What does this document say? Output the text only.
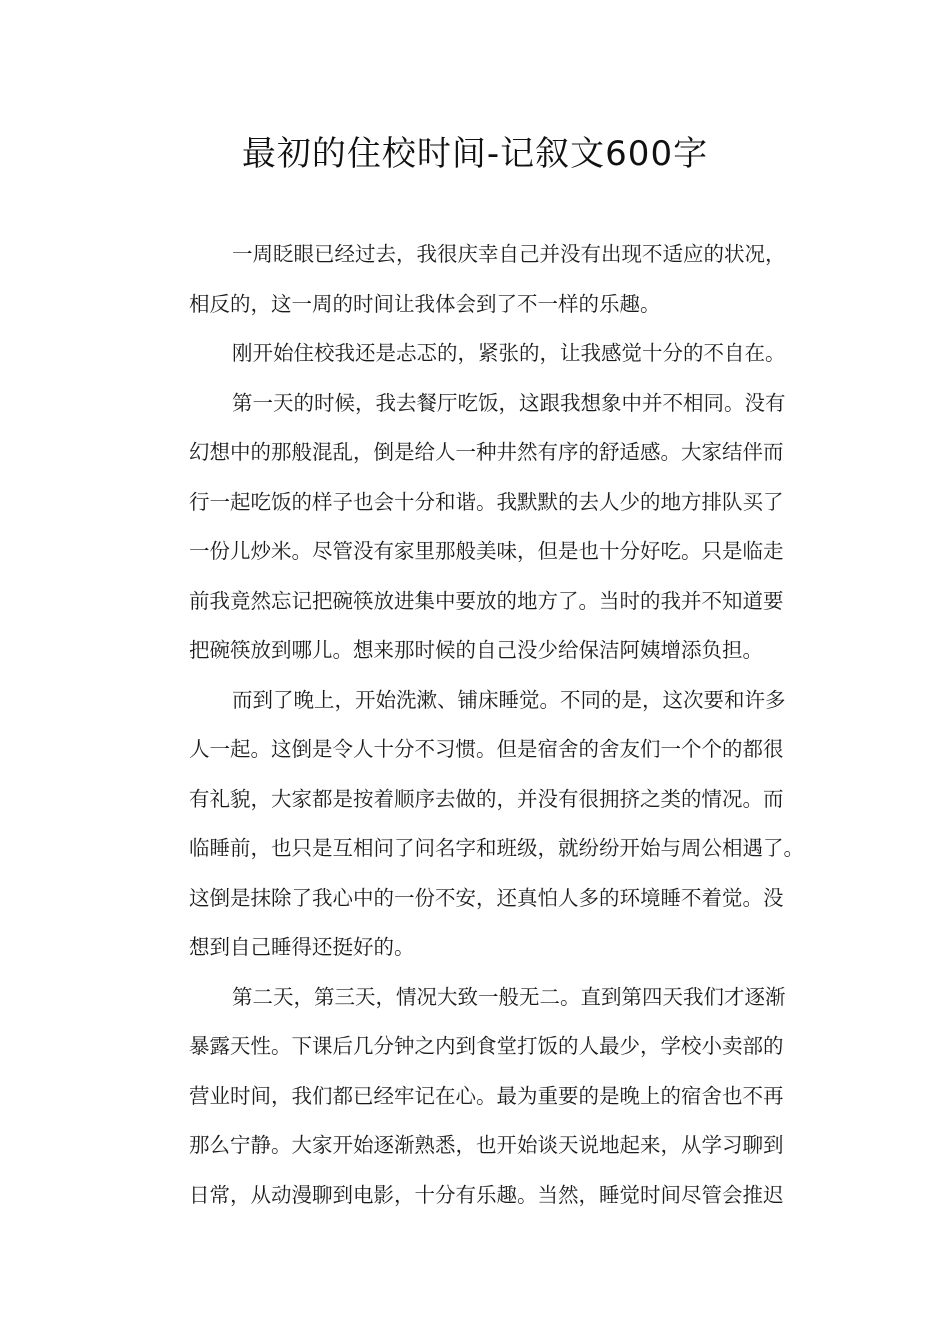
最初的住校时间-记叙文600字
一周眨眼已经过去，我很庆幸自己并没有出现不适应的状况，
相反的，这一周的时间让我体会到了不一样的乐趣。
刚开始住校我还是忐忑的，紧张的，让我感觉十分的不自在。
第一天的时候，我去餐厅吃饭，这跟我想象中并不相同。没有
幻想中的那般混乱，倒是给人一种井然有序的舒适感。大家结伴而
行一起吃饭的样子也会十分和谐。我默默的去人少的地方排队买了
一份儿炒米。尽管没有家里那般美味，但是也十分好吃。只是临走
前我竟然忘记把碗筷放进集中要放的地方了。当时的我并不知道要
把碗筷放到哪儿。想来那时候的自己没少给保洁阿姨增添负担。
而到了晚上，开始洗漱、铺床睡觉。不同的是，这次要和许多
人一起。这倒是令人十分不习惯。但是宿舍的舍友们一个个的都很
有礼貌，大家都是按着顺序去做的，并没有很拥挤之类的情况。而
临睡前，也只是互相问了问名字和班级，就纷纷开始与周公相遇了。
这倒是抹除了我心中的一份不安，还真怕人多的环境睡不着觉。没
想到自己睡得还挺好的。
第二天，第三天，情况大致一般无二。直到第四天我们才逐渐
暴露天性。下课后几分钟之内到食堂打饭的人最少，学校小卖部的
营业时间，我们都已经牢记在心。最为重要的是晚上的宿舍也不再
那么宁静。大家开始逐渐熟悉，也开始谈天说地起来，从学习聊到
日常，从动漫聊到电影，十分有乐趣。当然，睡觉时间尽管会推迟
